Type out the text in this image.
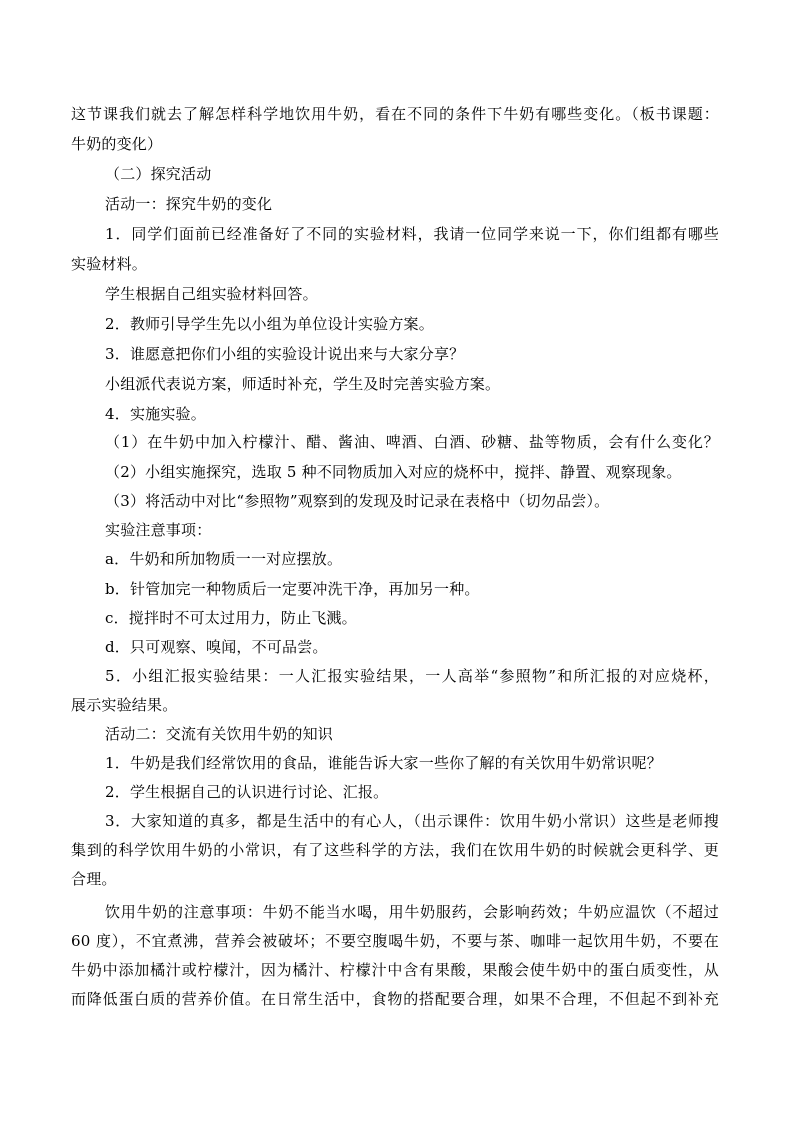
这节课我们就去了解怎样科学地饮用牛奶，看在不同的条件下牛奶有哪些变化。（板书课题：
牛奶的变化）
（二）探究活动
活动一：探究牛奶的变化
1．同学们面前已经准备好了不同的实验材料，我请一位同学来说一下，你们组都有哪些
实验材料。
学生根据自己组实验材料回答。
2．教师引导学生先以小组为单位设计实验方案。
3．谁愿意把你们小组的实验设计说出来与大家分享？
小组派代表说方案，师适时补充，学生及时完善实验方案。
4．实施实验。
（1）在牛奶中加入柠檬汁、醋、酱油、啤酒、白酒、砂糖、盐等物质，会有什么变化？
（2）小组实施探究，选取 5 种不同物质加入对应的烧杯中，搅拌、静置、观察现象。
（3）将活动中对比“参照物”观察到的发现及时记录在表格中（切勿品尝）。
实验注意事项：
a．牛奶和所加物质一一对应摆放。
b．针管加完一种物质后一定要冲洗干净，再加另一种。
c．搅拌时不可太过用力，防止飞溅。
d．只可观察、嗅闻，不可品尝。
5．小组汇报实验结果：一人汇报实验结果，一人高举“参照物”和所汇报的对应烧杯，
展示实验结果。
活动二：交流有关饮用牛奶的知识
1．牛奶是我们经常饮用的食品，谁能告诉大家一些你了解的有关饮用牛奶常识呢？
2．学生根据自己的认识进行讨论、汇报。
3．大家知道的真多，都是生活中的有心人，（出示课件：饮用牛奶小常识）这些是老师搜
集到的科学饮用牛奶的小常识，有了这些科学的方法，我们在饮用牛奶的时候就会更科学、更
合理。
饮用牛奶的注意事项：牛奶不能当水喝，用牛奶服药，会影响药效；牛奶应温饮（不超过
60 度），不宜煮沸，营养会被破坏；不要空腹喝牛奶，不要与茶、咖啡一起饮用牛奶，不要在
牛奶中添加橘汁或柠檬汁，因为橘汁、柠檬汁中含有果酸，果酸会使牛奶中的蛋白质变性，从
而降低蛋白质的营养价值。在日常生活中，食物的搭配要合理，如果不合理，不但起不到补充
